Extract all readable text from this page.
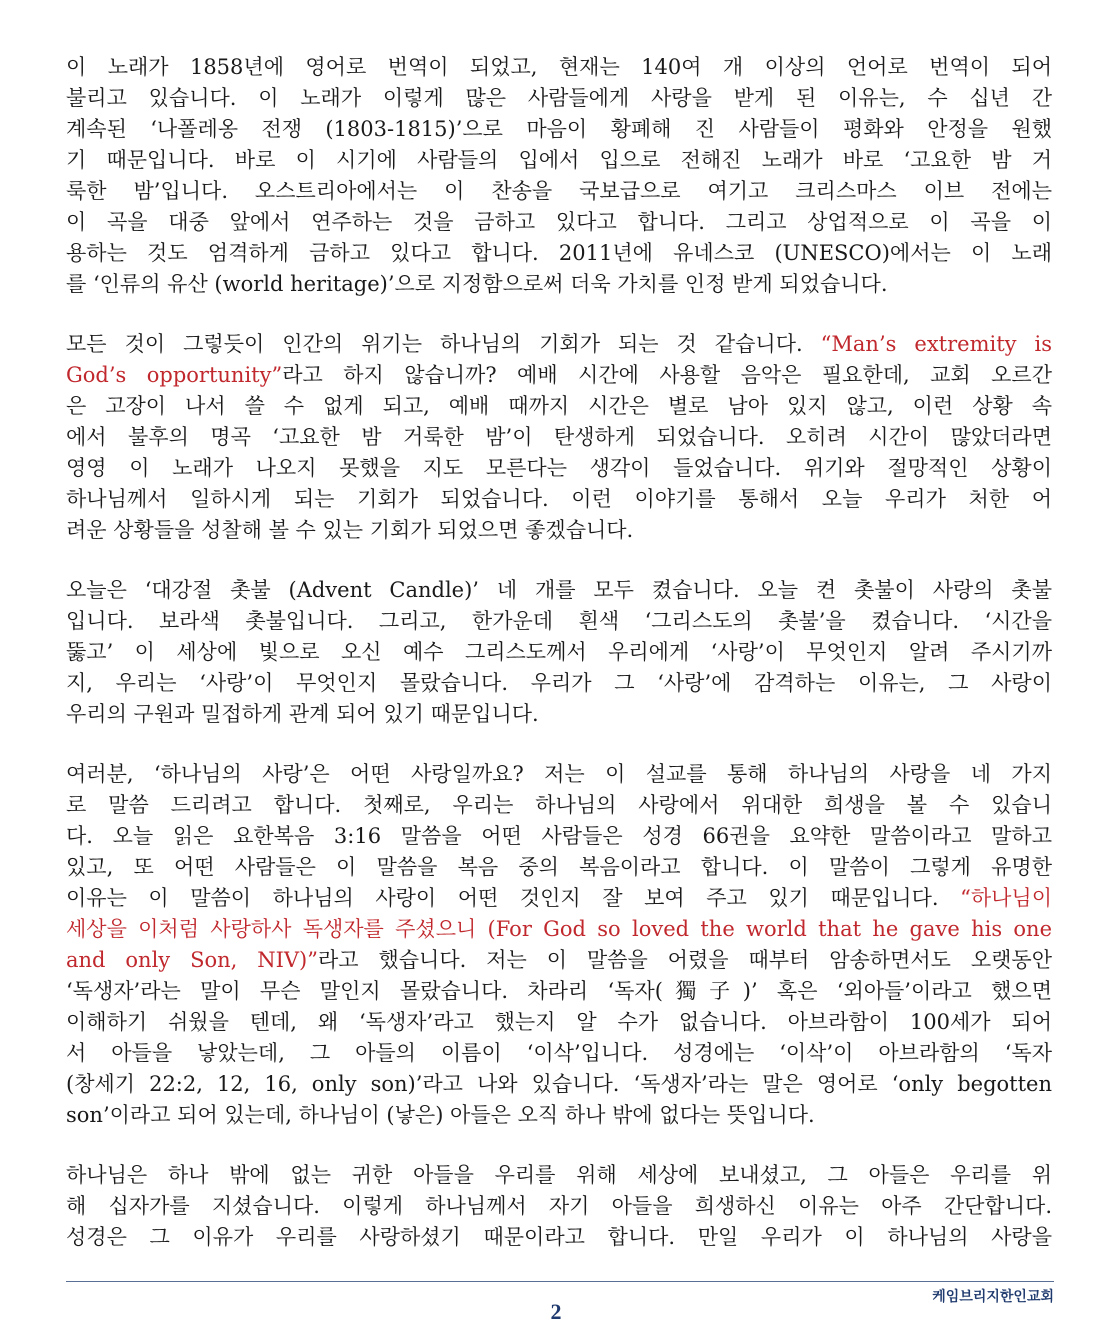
이 노래가 1858년에 영어로 번역이 되었고, 현재는 140여 개 이상의 언어로 번역이 되어
불리고 있습니다. 이 노래가 이렇게 많은 사람들에게 사랑을 받게 된 이유는, 수 십년 간
계속된 ‘나폴레옹 전쟁 (1803-1815)’으로 마음이 황폐해 진 사람들이 평화와 안정을 원했
기 때문입니다. 바로 이 시기에 사람들의 입에서 입으로 전해진 노래가 바로 ‘고요한 밤 거
룩한 밤’입니다. 오스트리아에서는 이 찬송을 국보급으로 여기고 크리스마스 이브 전에는
이 곡을 대중 앞에서 연주하는 것을 금하고 있다고 합니다. 그리고 상업적으로 이 곡을 이
용하는 것도 엄격하게 금하고 있다고 합니다. 2011년에 유네스코 (UNESCO)에서는 이 노래
를 ‘인류의 유산 (world heritage)’으로 지정함으로써 더욱 가치를 인정 받게 되었습니다.
모든 것이 그렇듯이 인간의 위기는 하나님의 기회가 되는 것 같습니다. “Man’s extremity is
God’s opportunity”라고 하지 않습니까? 예배 시간에 사용할 음악은 필요한데, 교회 오르간
은 고장이 나서 쓸 수 없게 되고, 예배 때까지 시간은 별로 남아 있지 않고, 이런 상황 속
에서 불후의 명곡 ‘고요한 밤 거룩한 밤’이 탄생하게 되었습니다. 오히려 시간이 많았더라면
영영 이 노래가 나오지 못했을 지도 모른다는 생각이 들었습니다. 위기와 절망적인 상황이
하나님께서 일하시게 되는 기회가 되었습니다. 이런 이야기를 통해서 오늘 우리가 처한 어
려운 상황들을 성찰해 볼 수 있는 기회가 되었으면 좋겠습니다.
오늘은 ‘대강절 촛불 (Advent Candle)’ 네 개를 모두 켰습니다. 오늘 켠 촛불이 사랑의 촛불
입니다. 보라색 촛불입니다. 그리고, 한가운데 흰색 ‘그리스도의 촛불’을 켰습니다. ‘시간을
뚫고’ 이 세상에 빛으로 오신 예수 그리스도께서 우리에게 ‘사랑’이 무엇인지 알려 주시기까
지, 우리는 ‘사랑’이 무엇인지 몰랐습니다. 우리가 그 ‘사랑’에 감격하는 이유는, 그 사랑이
우리의 구원과 밀접하게 관계 되어 있기 때문입니다.
여러분, ‘하나님의 사랑’은 어떤 사랑일까요? 저는 이 설교를 통해 하나님의 사랑을 네 가지
로 말씀 드리려고 합니다. 첫째로, 우리는 하나님의 사랑에서 위대한 희생을 볼 수 있습니
다. 오늘 읽은 요한복음 3:16 말씀을 어떤 사람들은 성경 66권을 요약한 말씀이라고 말하고
있고, 또 어떤 사람들은 이 말씀을 복음 중의 복음이라고 합니다. 이 말씀이 그렇게 유명한
이유는 이 말씀이 하나님의 사랑이 어떤 것인지 잘 보여 주고 있기 때문입니다. “하나님이
세상을 이처럼 사랑하사 독생자를 주셨으니 (For God so loved the world that he gave his one
and only Son, NIV)”라고 했습니다. 저는 이 말씀을 어렸을 때부터 암송하면서도 오랫동안
‘독생자’라는 말이 무슨 말인지 몰랐습니다. 차라리 ‘독자(獨子)’ 혹은 ‘외아들’이라고 했으면
이해하기 쉬웠을 텐데, 왜 ‘독생자’라고 했는지 알 수가 없습니다. 아브라함이 100세가 되어
서 아들을 낳았는데, 그 아들의 이름이 ‘이삭’입니다. 성경에는 ‘이삭’이 아브라함의 ‘독자
(창세기 22:2, 12, 16, only son)’라고 나와 있습니다. ‘독생자’라는 말은 영어로 ‘only begotten
son’이라고 되어 있는데, 하나님이 (낳은) 아들은 오직 하나 밖에 없다는 뜻입니다.
하나님은 하나 밖에 없는 귀한 아들을 우리를 위해 세상에 보내셨고, 그 아들은 우리를 위
해 십자가를 지셨습니다. 이렇게 하나님께서 자기 아들을 희생하신 이유는 아주 간단합니다.
성경은 그 이유가 우리를 사랑하셨기 때문이라고 합니다. 만일 우리가 이 하나님의 사랑을
케임브리지한인교회
2
